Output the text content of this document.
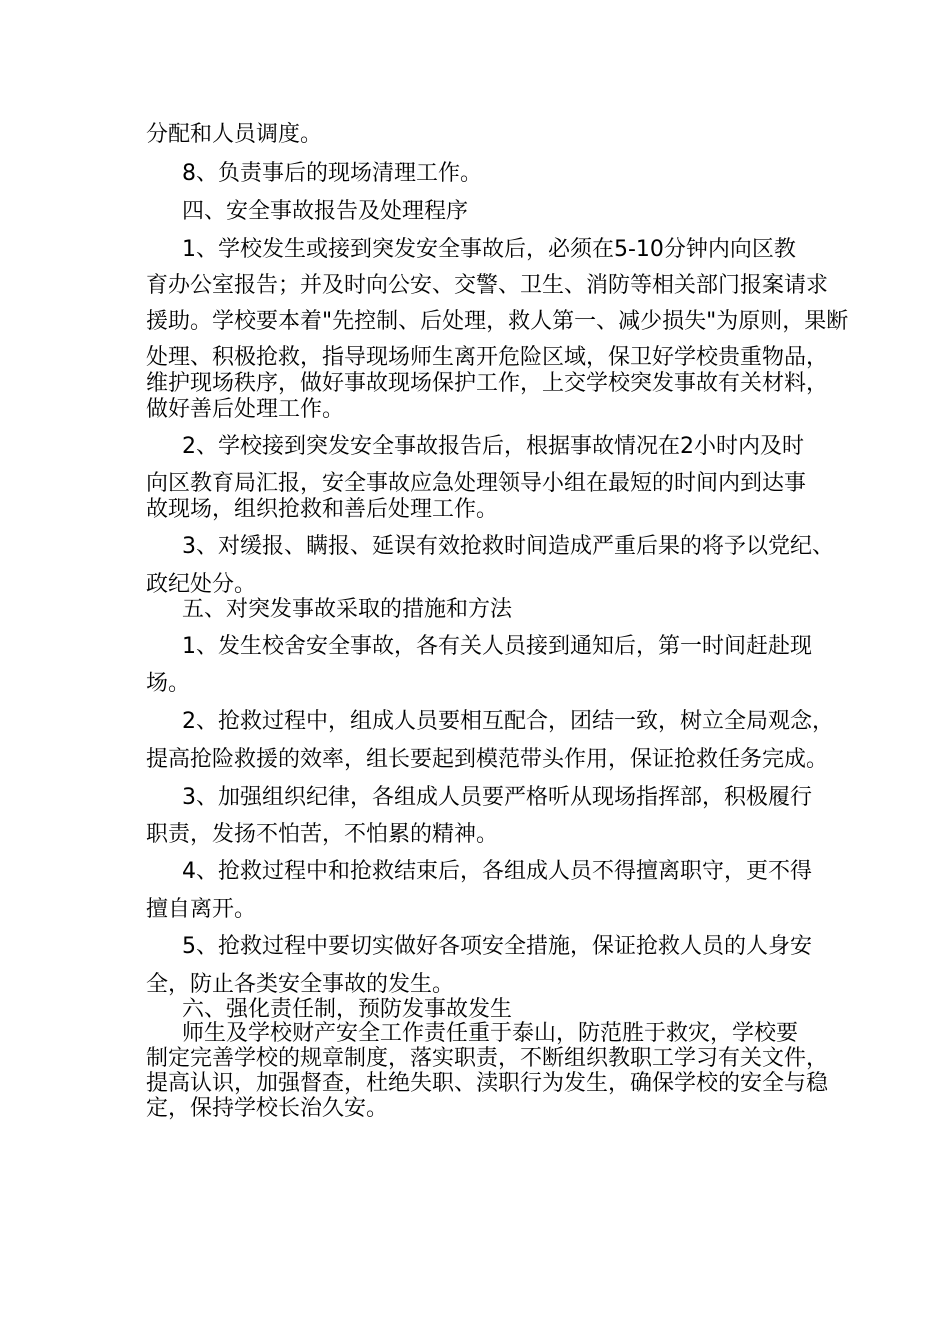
分配和人员调度。
8、负责事后的现场清理工作。
四、安全事故报告及处理程序
1、学校发生或接到突发安全事故后，必须在5-10分钟内向区教
育办公室报告；并及时向公安、交警、卫生、消防等相关部门报案请求
援助。学校要本着"先控制、后处理，救人第一、减少损失"为原则，果断
处理、积极抢救，指导现场师生离开危险区域，保卫好学校贵重物品，
维护现场秩序，做好事故现场保护工作，上交学校突发事故有关材料，
做好善后处理工作。
2、学校接到突发安全事故报告后，根据事故情况在2小时内及时
向区教育局汇报，安全事故应急处理领导小组在最短的时间内到达事
故现场，组织抢救和善后处理工作。
3、对缓报、瞒报、延误有效抢救时间造成严重后果的将予以党纪、
政纪处分。
五、对突发事故采取的措施和方法
1、发生校舍安全事故，各有关人员接到通知后，第一时间赶赴现
场。
2、抢救过程中，组成人员要相互配合，团结一致，树立全局观念，
提高抢险救援的效率，组长要起到模范带头作用，保证抢救任务完成。
3、加强组织纪律，各组成人员要严格听从现场指挥部，积极履行
职责，发扬不怕苦，不怕累的精神。
4、抢救过程中和抢救结束后，各组成人员不得擅离职守，更不得
擅自离开。
5、抢救过程中要切实做好各项安全措施，保证抢救人员的人身安
全，防止各类安全事故的发生。
六、强化责任制，预防发事故发生
师生及学校财产安全工作责任重于泰山，防范胜于救灾，学校要
制定完善学校的规章制度，落实职责，不断组织教职工学习有关文件，
提高认识，加强督查，杜绝失职、渎职行为发生，确保学校的安全与稳
定，保持学校长治久安。
